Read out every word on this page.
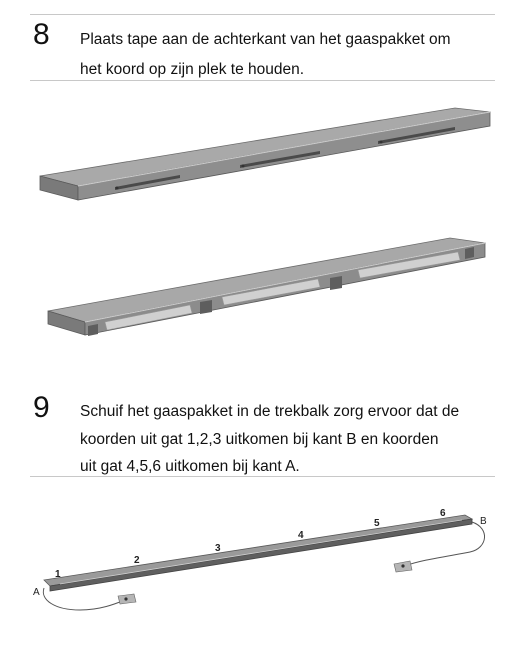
8 Plaats tape aan de achterkant van het gaaspakket om
het koord op zijn plek te houden.
9 Schuif het gaaspakket in de trekbalk zorg ervoor dat de
koorden uit gat 1,2,3 uitkomen bij kant B en koorden
uit gat 4,5,6 uitkomen bij kant A.
A
B
1
2
3
4
5
6
